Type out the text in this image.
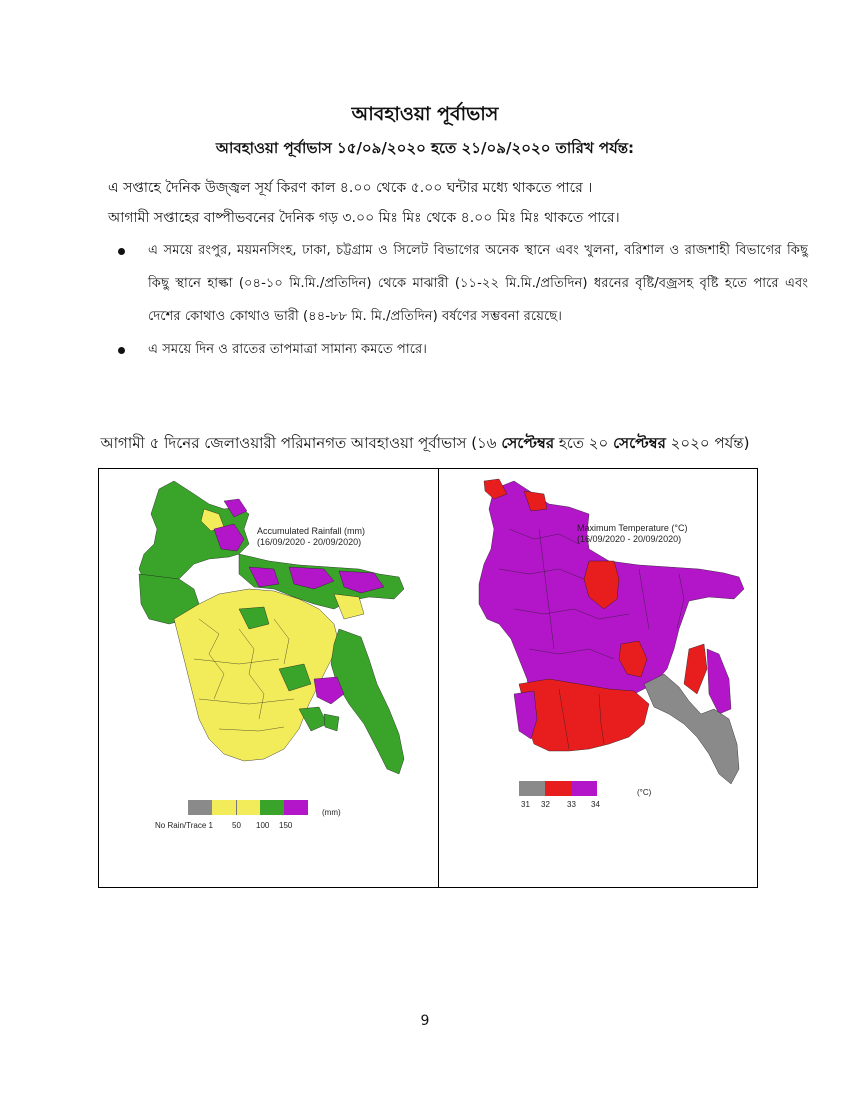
আবহাওয়া পূর্বাভাস
আবহাওয়া পূর্বাভাস ১৫/০৯/২০২০ হতে ২১/০৯/২০২০ তারিখ পর্যন্ত:
এ সপ্তাহে দৈনিক উজ্জ্বল সূর্য কিরণ কাল ৪.০০ থেকে ৫.০০ ঘন্টার মধ্যে থাকতে পারে ।
আগামী সপ্তাহের বাষ্পীভবনের দৈনিক গড় ৩.০০ মিঃ মিঃ থেকে ৪.০০ মিঃ মিঃ থাকতে পারে।

এ সময়ে রংপুর, ময়মনসিংহ, ঢাকা, চট্টগ্রাম ও সিলেট বিভাগের অনেক স্থানে এবং খুলনা, বরিশাল ও রাজশাহী বিভাগের কিছু কিছু স্থানে হাল্কা (০৪-১০ মি.মি./প্রতিদিন) থেকে মাঝারী (১১-২২ মি.মি./প্রতিদিন) ধরনের বৃষ্টি/বজ্রসহ বৃষ্টি হতে পারে এবং দেশের কোথাও কোথাও ভারী (৪৪-৮৮ মি. মি./প্রতিদিন) বর্ষণের সম্ভবনা রয়েছে।

এ সময়ে দিন ও রাতের তাপমাত্রা সামান্য কমতে পারে।

আগামী ৫ দিনের জেলাওয়ারী পরিমানগত আবহাওয়া পূর্বাভাস (১৬ সেপ্টেম্বর হতে ২০ সেপ্টেম্বর ২০২০ পর্যন্ত)
Accumulated Rainfall (mm)
(16/09/2020 - 20/09/2020)
No Rain/Trace 1 50 100 150
(mm)
Maximum Temperature (°C)
(16/09/2020 - 20/09/2020)
31 32 33 34
(°C)
9
